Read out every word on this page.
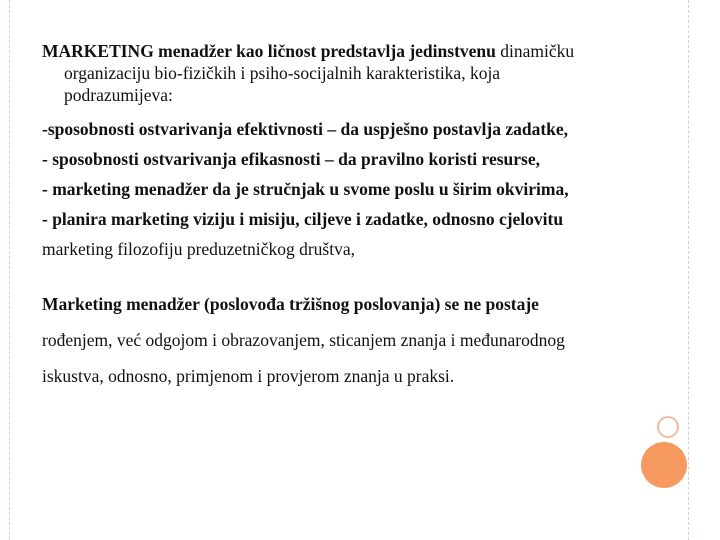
MARKETING menadžer kao ličnost predstavlja jedinstvenu dinamičku
organizaciju bio-fizičkih i psiho-socijalnih karakteristika, koja
podrazumijeva:

-sposobnosti ostvarivanja efektivnosti – da uspješno postavlja zadatke,
- sposobnosti ostvarivanja efikasnosti – da pravilno koristi resurse,
- marketing menadžer da je stručnjak u svome poslu u širim okvirima,
- planira marketing viziju i misiju, ciljeve i zadatke, odnosno cjelovitu
marketing filozofiju preduzetničkog društva,
Marketing menadžer (poslovođa tržišnog poslovanja) se ne postaje
rođenjem, već odgojom i obrazovanjem, sticanjem znanja i međunarodnog
iskustva, odnosno, primjenom i provjerom znanja u praksi.
